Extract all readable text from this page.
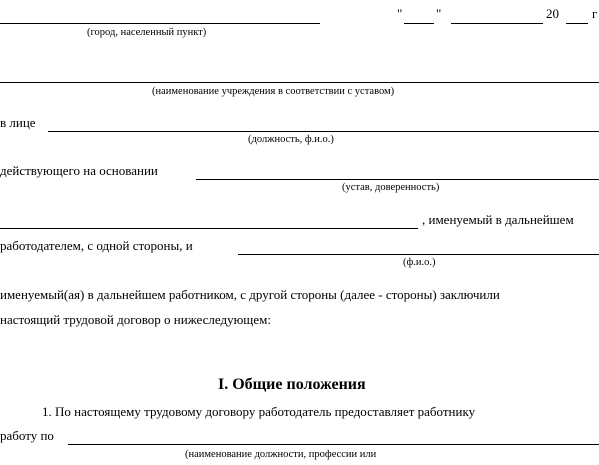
"	"	20	г
(город, населенный пункт)
(наименование учреждения в соответствии с уставом)
в лице
(должность, ф.и.о.)
действующего на основании
(устав, доверенность)
, именуемый в дальнейшем
работодателем, с одной стороны, и
(ф.и.о.)
именуемый(ая) в дальнейшем работником, с другой стороны (далее - стороны) заключили
настоящий трудовой договор о нижеследующем:
I. Общие положения
1. По настоящему трудовому договору работодатель предоставляет работнику
работу по
(наименование должности, профессии или
